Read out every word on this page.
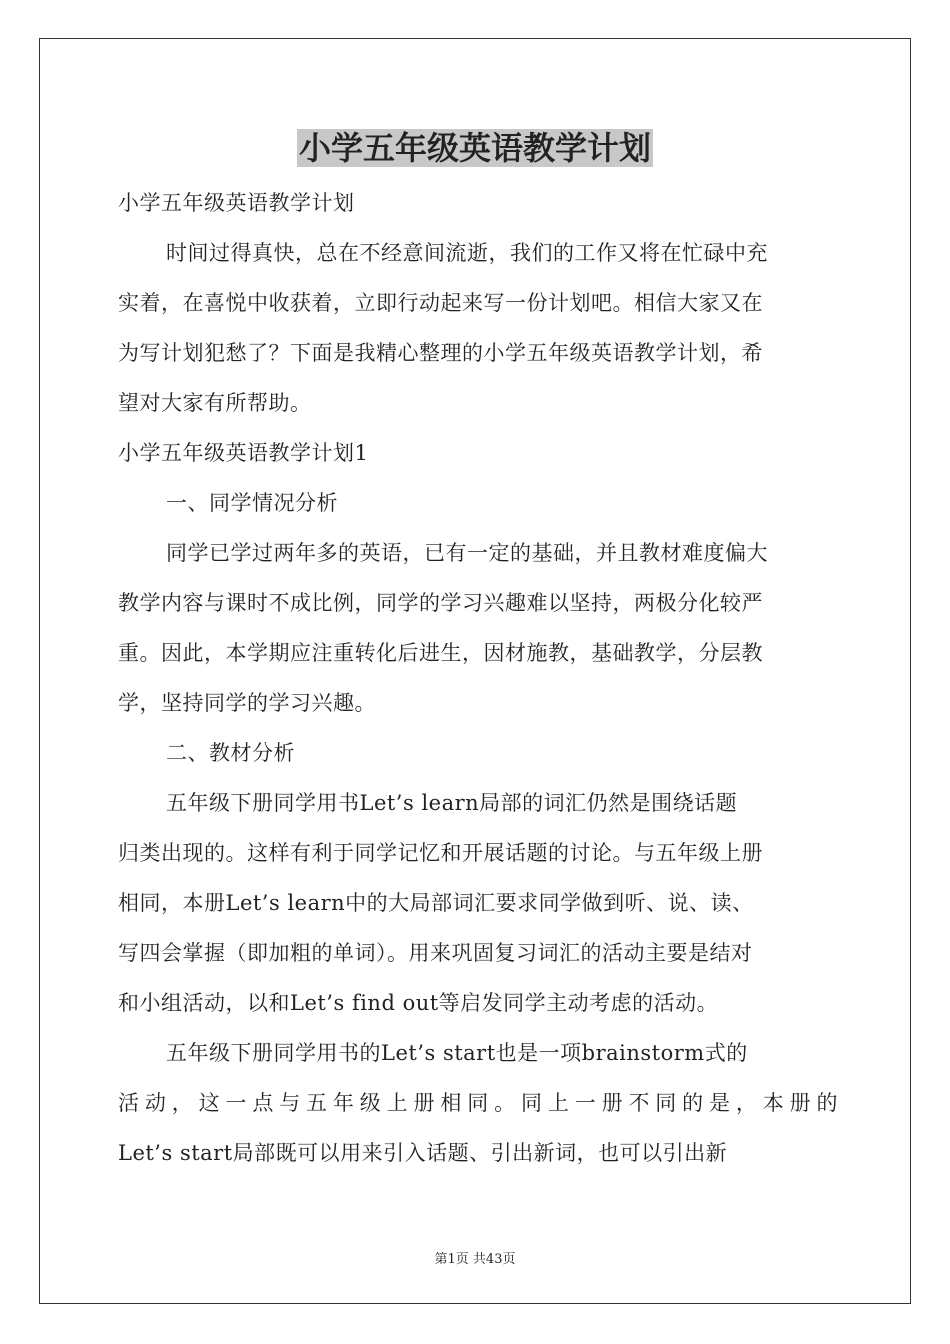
小学五年级英语教学计划
小学五年级英语教学计划
时间过得真快，总在不经意间流逝，我们的工作又将在忙碌中充
实着，在喜悦中收获着，立即行动起来写一份计划吧。相信大家又在
为写计划犯愁了？下面是我精心整理的小学五年级英语教学计划，希
望对大家有所帮助。
小学五年级英语教学计划1
一、同学情况分析
同学已学过两年多的英语，已有一定的基础，并且教材难度偏大
教学内容与课时不成比例，同学的学习兴趣难以坚持，两极分化较严
重。因此，本学期应注重转化后进生，因材施教，基础教学，分层教
学，坚持同学的学习兴趣。
二、教材分析
五年级下册同学用书Let’s learn局部的词汇仍然是围绕话题
归类出现的。这样有利于同学记忆和开展话题的讨论。与五年级上册
相同，本册Let’s learn中的大局部词汇要求同学做到听、说、读、
写四会掌握（即加粗的单词）。用来巩固复习词汇的活动主要是结对
和小组活动，以和Let’s find out等启发同学主动考虑的活动。
五年级下册同学用书的Let’s start也是一项brainstorm式的
活动，这一点与五年级上册相同。同上一册不同的是，本册的
Let’s start局部既可以用来引入话题、引出新词，也可以引出新
第1页 共43页
